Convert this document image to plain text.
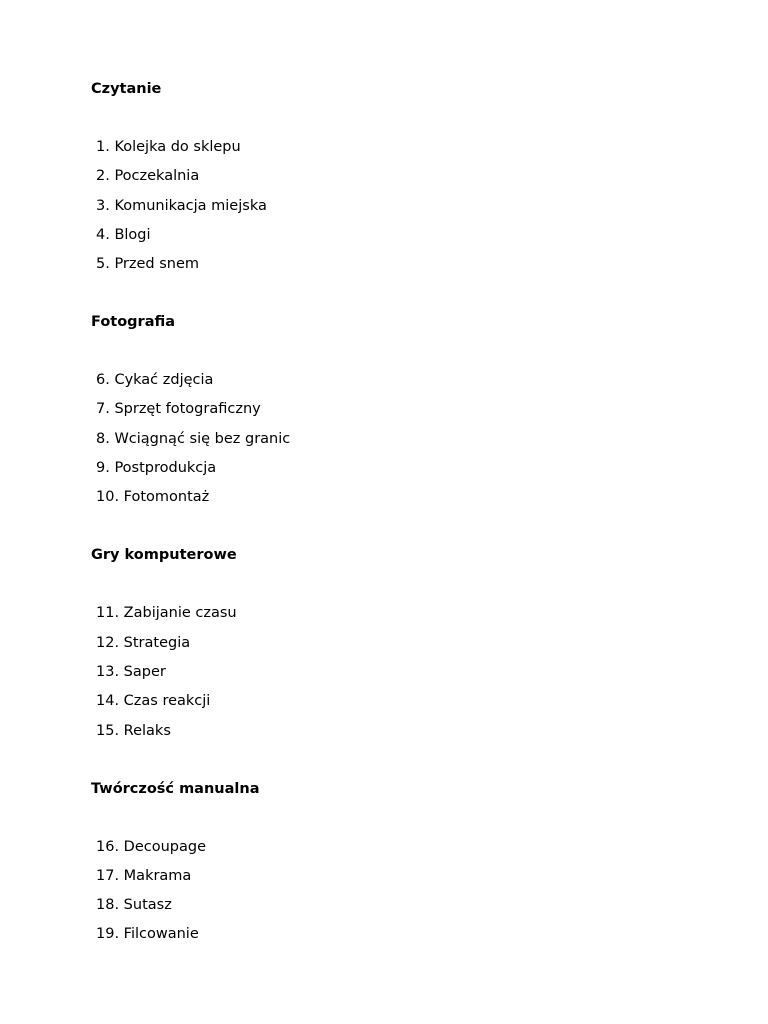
Czytanie
1. Kolejka do sklepu
2. Poczekalnia
3. Komunikacja miejska
4. Blogi
5. Przed snem
Fotografia
6. Cykać zdjęcia
7. Sprzęt fotograficzny
8. Wciągnąć się bez granic
9. Postprodukcja
10. Fotomontaż
Gry komputerowe
11. Zabijanie czasu
12. Strategia
13. Saper
14. Czas reakcji
15. Relaks
Twórczość manualna
16. Decoupage
17. Makrama
18. Sutasz
19. Filcowanie
